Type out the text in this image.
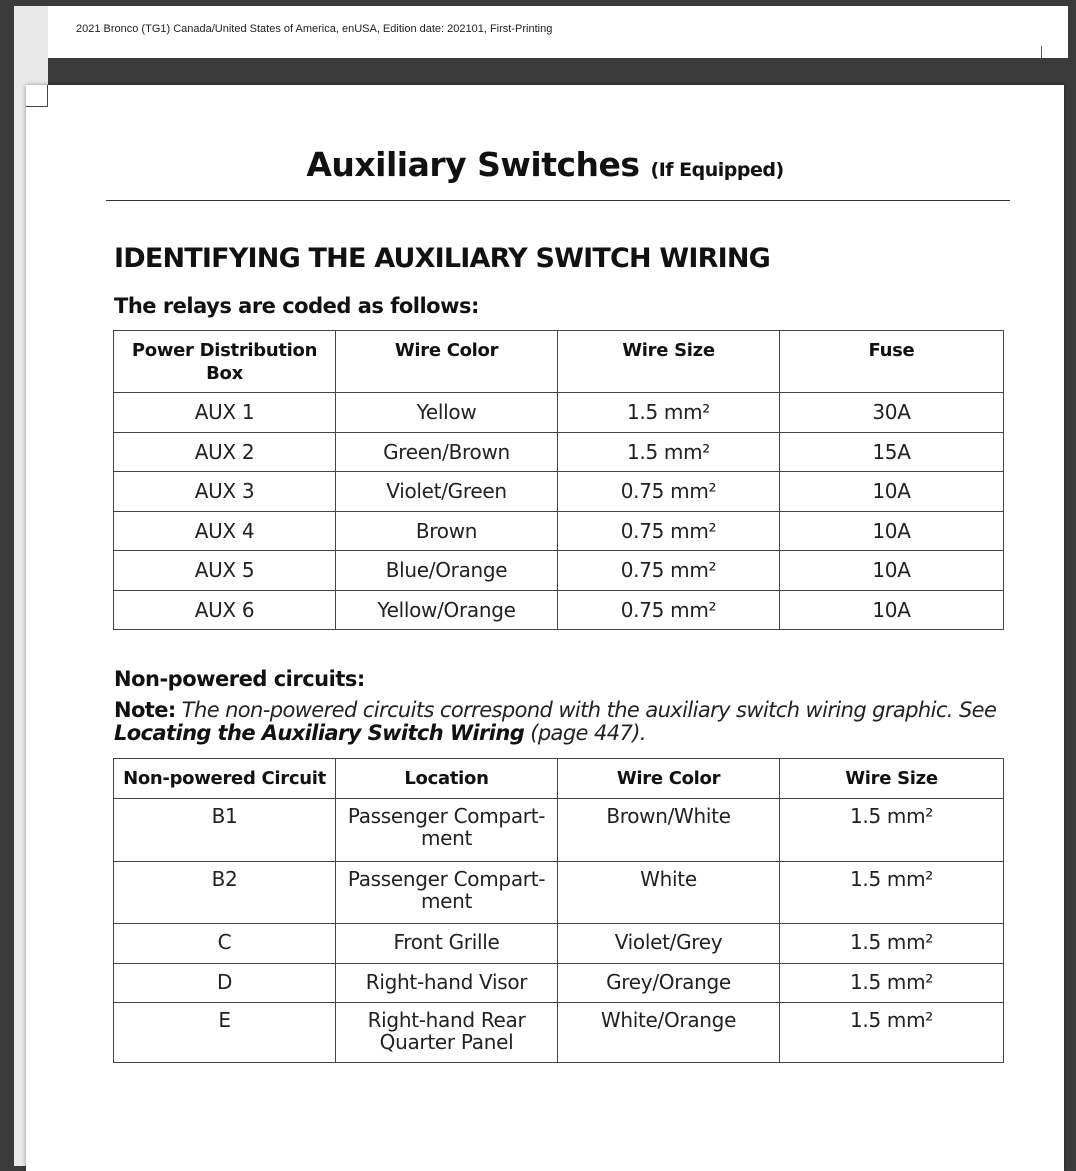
2021 Bronco (TG1) Canada/United States of America, enUSA, Edition date: 202101, First-Printing
Auxiliary Switches (If Equipped)
IDENTIFYING THE AUXILIARY SWITCH WIRING
The relays are coded as follows:
Power Distribution Box	Wire Color	Wire Size	Fuse
AUX 1	Yellow	1.5 mm²	30A
AUX 2	Green/Brown	1.5 mm²	15A
AUX 3	Violet/Green	0.75 mm²	10A
AUX 4	Brown	0.75 mm²	10A
AUX 5	Blue/Orange	0.75 mm²	10A
AUX 6	Yellow/Orange	0.75 mm²	10A
Non-powered circuits:
Note: The non-powered circuits correspond with the auxiliary switch wiring graphic. See
Locating the Auxiliary Switch Wiring (page 447).
Non-powered Circuit	Location	Wire Color	Wire Size
B1	Passenger Compart-
ment	Brown/White	1.5 mm²
B2	Passenger Compart-
ment	White	1.5 mm²
C	Front Grille	Violet/Grey	1.5 mm²
D	Right-hand Visor	Grey/Orange	1.5 mm²
E	Right-hand Rear
Quarter Panel	White/Orange	1.5 mm²
